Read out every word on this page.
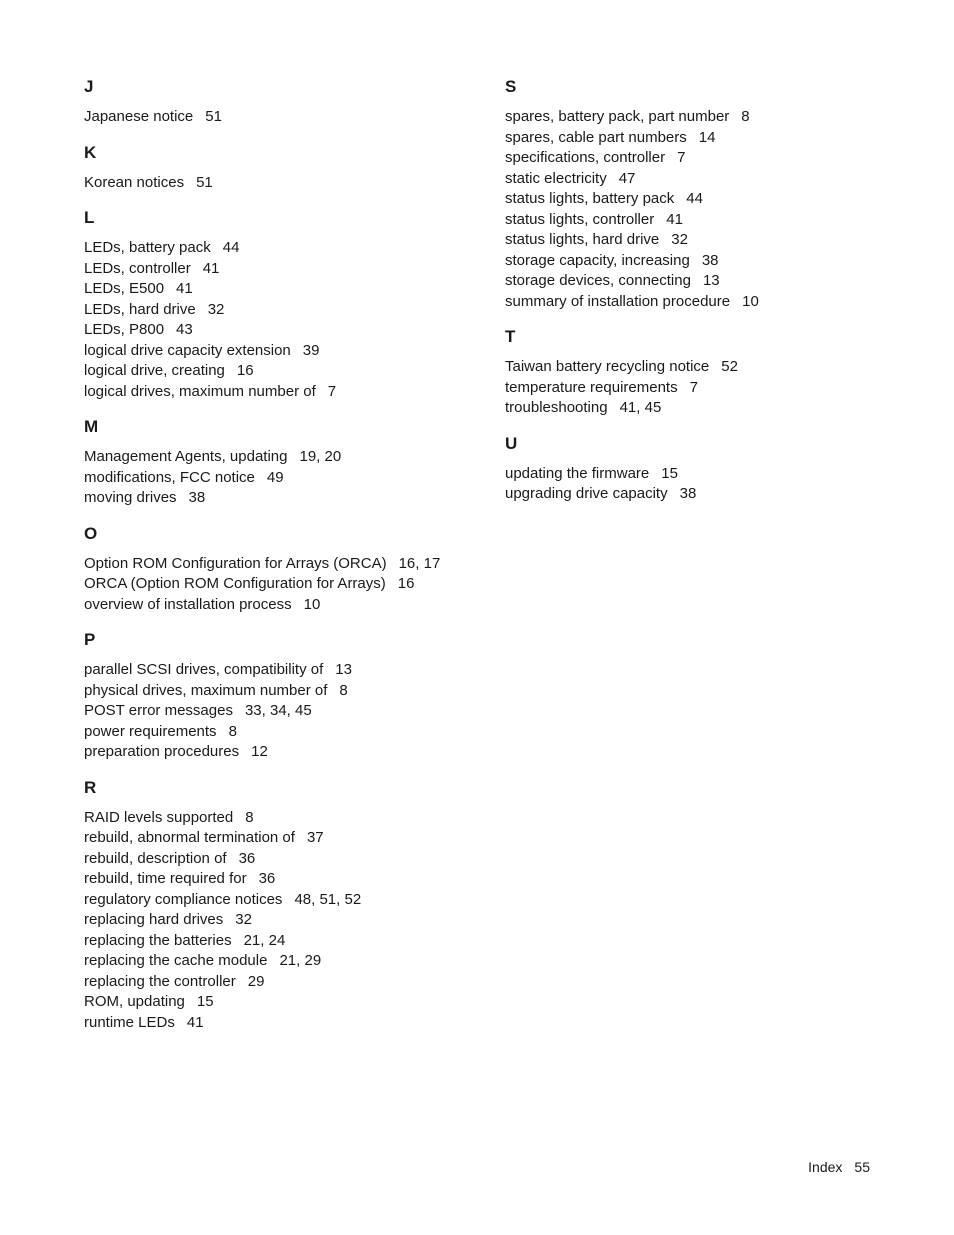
J
Japanese notice 51
K
Korean notices 51
L
LEDs, battery pack 44
LEDs, controller 41
LEDs, E500 41
LEDs, hard drive 32
LEDs, P800 43
logical drive capacity extension 39
logical drive, creating 16
logical drives, maximum number of 7
M
Management Agents, updating 19, 20
modifications, FCC notice 49
moving drives 38
O
Option ROM Configuration for Arrays (ORCA) 16, 17
ORCA (Option ROM Configuration for Arrays) 16
overview of installation process 10
P
parallel SCSI drives, compatibility of 13
physical drives, maximum number of 8
POST error messages 33, 34, 45
power requirements 8
preparation procedures 12
R
RAID levels supported 8
rebuild, abnormal termination of 37
rebuild, description of 36
rebuild, time required for 36
regulatory compliance notices 48, 51, 52
replacing hard drives 32
replacing the batteries 21, 24
replacing the cache module 21, 29
replacing the controller 29
ROM, updating 15
runtime LEDs 41
S
spares, battery pack, part number 8
spares, cable part numbers 14
specifications, controller 7
static electricity 47
status lights, battery pack 44
status lights, controller 41
status lights, hard drive 32
storage capacity, increasing 38
storage devices, connecting 13
summary of installation procedure 10
T
Taiwan battery recycling notice 52
temperature requirements 7
troubleshooting 41, 45
U
updating the firmware 15
upgrading drive capacity 38
Index 55
